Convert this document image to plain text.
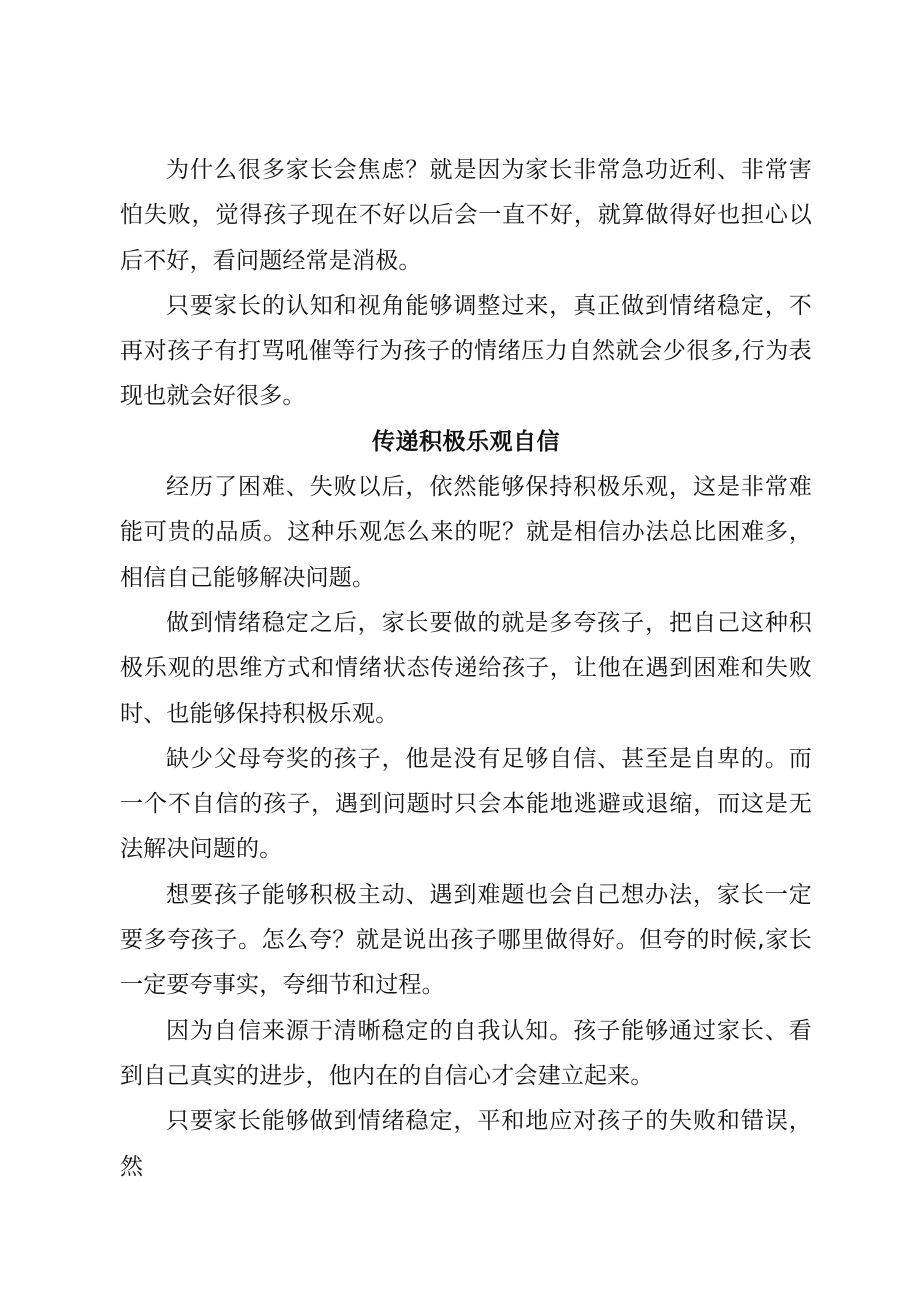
为什么很多家长会焦虑？就是因为家长非常急功近利、非常害怕失败，觉得孩子现在不好以后会一直不好，就算做得好也担心以后不好，看问题经常是消极。

只要家长的认知和视角能够调整过来，真正做到情绪稳定，不再对孩子有打骂吼催等行为孩子的情绪压力自然就会少很多,行为表现也就会好很多。

传递积极乐观自信

经历了困难、失败以后，依然能够保持积极乐观，这是非常难能可贵的品质。这种乐观怎么来的呢？就是相信办法总比困难多，相信自己能够解决问题。

做到情绪稳定之后，家长要做的就是多夸孩子，把自己这种积极乐观的思维方式和情绪状态传递给孩子，让他在遇到困难和失败时、也能够保持积极乐观。

缺少父母夸奖的孩子，他是没有足够自信、甚至是自卑的。而一个不自信的孩子，遇到问题时只会本能地逃避或退缩，而这是无法解决问题的。

想要孩子能够积极主动、遇到难题也会自己想办法，家长一定要多夸孩子。怎么夸？就是说出孩子哪里做得好。但夸的时候,家长一定要夸事实，夸细节和过程。

因为自信来源于清晰稳定的自我认知。孩子能够通过家长、看到自己真实的进步，他内在的自信心才会建立起来。

只要家长能够做到情绪稳定，平和地应对孩子的失败和错误，然
